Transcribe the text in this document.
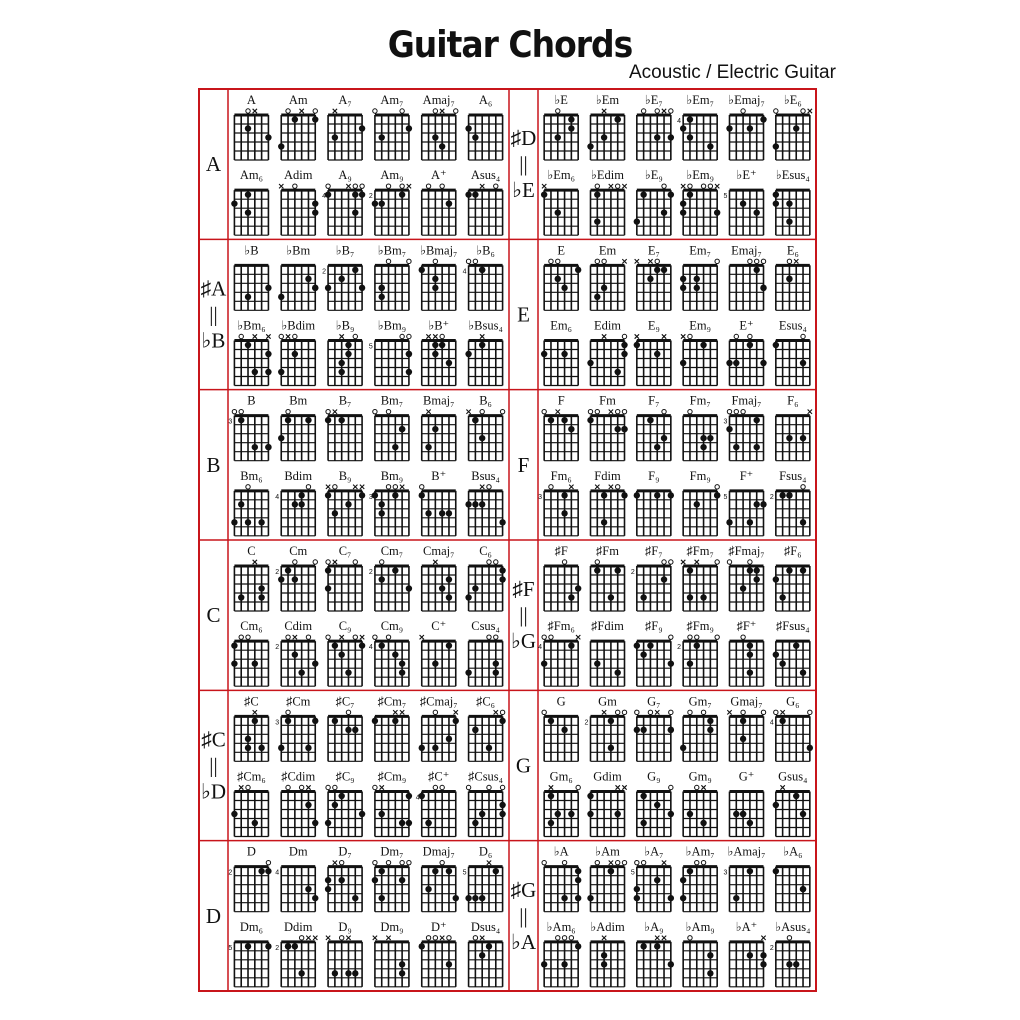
Guitar Chords
Acoustic / Electric Guitar
A
A	Am A₇ Am₇ Amaj₇ A₆
Am₆ Adim A₉
4
Am₉
2
A⁺ Asus₄
♯A
||
♭B
♭B ♭Bm ♭B₇
2
♭Bm₇ ♭Bmaj₇ ♭B₆
4
♭Bm₆ ♭Bdim ♭B₉ ♭Bm₉
5
♭B⁺ ♭Bsus₄
B
B
3
Bm	B₇ Bm₇ Bmaj₇ B₆
Bm₆ Bdim
4
B₉ Bm₉
3
B⁺ Bsus₄
C
C	Cm
2
C₇ Cm₇
2
Cmaj₇ C₆
Cm₆ Cdim
2
C₉ Cm₉
4
C⁺ Csus₄
♯C
||
♭D
♯C ♯Cm
3
♯C₇ ♯Cm₇ ♯Cmaj₇ ♯C₆
♯Cm₆ ♯Cdim ♯C₉ ♯Cm₉ ♯C⁺
4
♯Csus₄
D
D
2
Dm
4
D₇ Dm₇ Dmaj₇ D₆
5
Dm₆
5
Ddim
2
D₉ Dm₉ D⁺ Dsus₄
♯D
||
♭E
♭E ♭Em ♭E₇ ♭Em₇
4
♭Emaj₇ ♭E₆
♭Em₆ ♭Edim ♭E₉ ♭Em₉ ♭E⁺
5
♭Esus₄
E
E	Em	E₇ Em₇ Emaj₇ E₆
Em₆ Edim E₉ Em₉ E⁺ Esus₄
F
F	Fm	F₇ Fm₇ Fmaj₇
3
F₆
Fm₆
3
Fdim F₉ Fm₉ F⁺
5
Fsus₄
2
♯F
||
♭G
♯F ♯Fm ♯F₇
2
♯Fm₇ ♯Fmaj₇ ♯F₆
♯Fm₆
4
♯Fdim ♯F₉ ♯Fm₉
2
♯F⁺ ♯Fsus₄
G
G	Gm
2
G₇ Gm₇ Gmaj₇ G₆
4
Gm₆ Gdim G₉ Gm₉ G⁺ Gsus₄
♯G
||
♭A
♭A ♭Am ♭A₇
5
♭Am₇ ♭Amaj₇
3
♭A₆
♭Am₆ ♭Adim ♭A₉ ♭Am₉ ♭A⁺ ♭Asus₄
2
